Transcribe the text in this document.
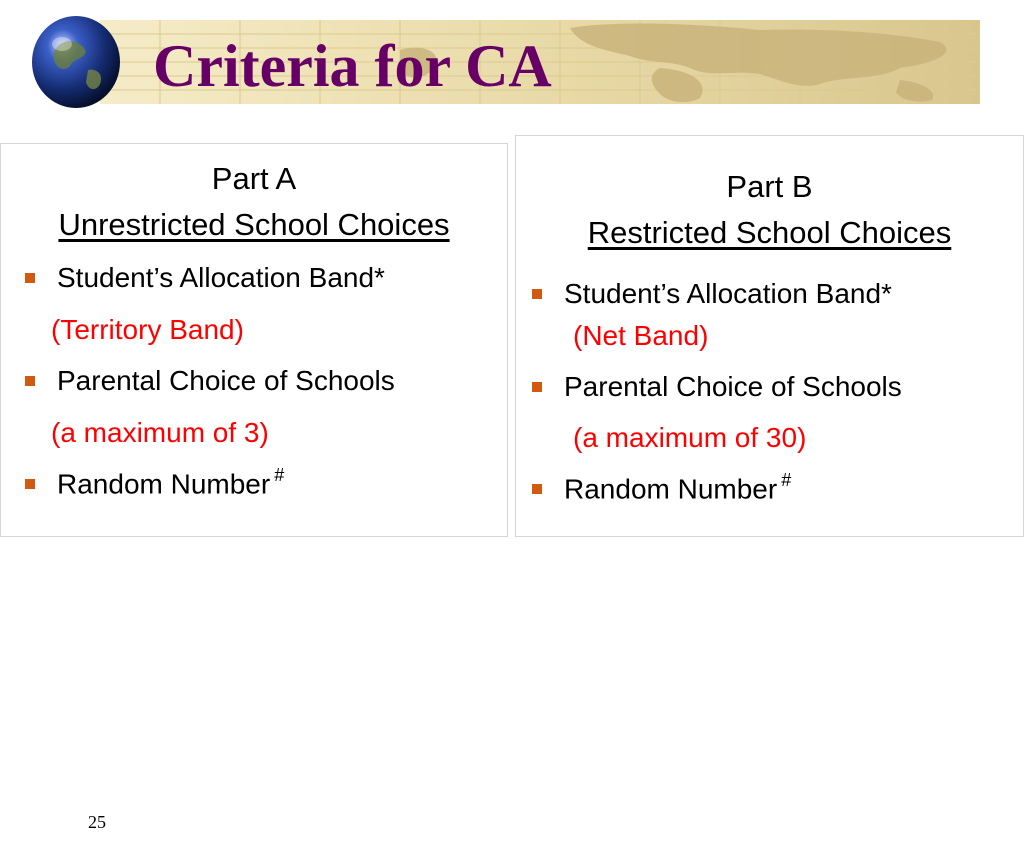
Criteria for CA
Part A
Unrestricted School Choices
Student’s Allocation Band*
(Territory Band)
Parental Choice of Schools
(a maximum of 3)
Random Number #
Part B
Restricted School Choices
Student’s Allocation Band*
(Net Band)
Parental Choice of Schools
(a maximum of 30)
Random Number #
25
